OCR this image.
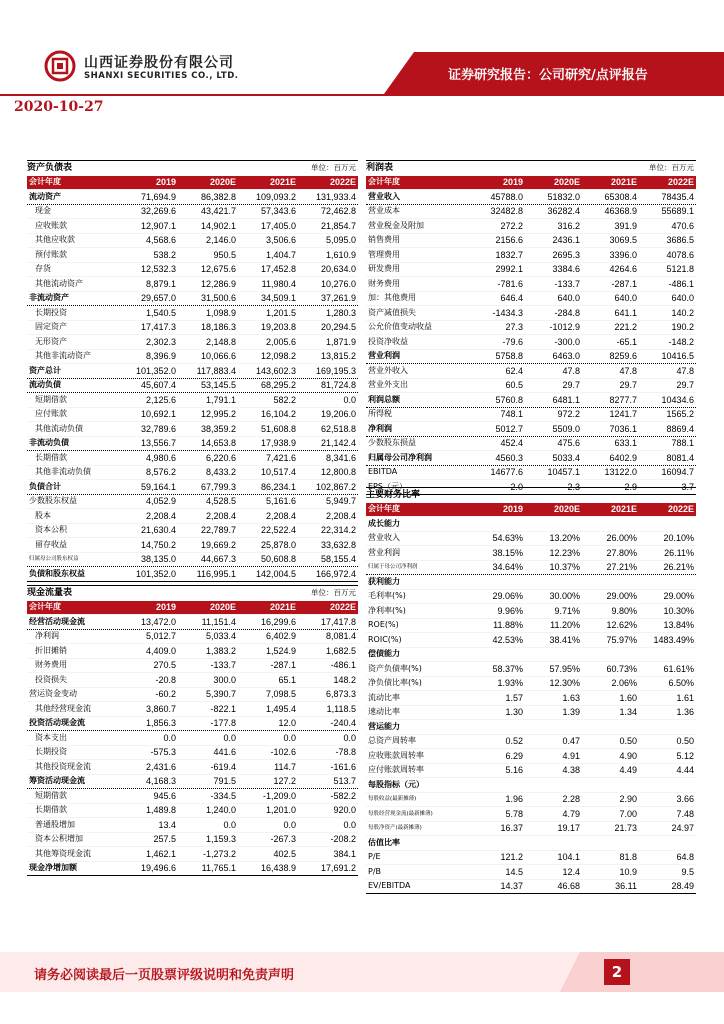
山西证券股份有限公司
SHANXI SECURITIES CO., LTD.	证券研究报告：公司研究/点评报告
2020-10-27
资产负债表	单位：百万元
会计年度	2019	2020E	2021E	2022E
流动资产	71,694.9	86,382.8	109,093.2	131,933.4
现金	32,269.6	43,421.7	57,343.6	72,462.8
应收账款	12,907.1	14,902.1	17,405.0	21,854.7
其他应收款	4,568.6	2,146.0	3,506.6	5,095.0
预付账款	538.2	950.5	1,404.7	1,610.9
存货	12,532.3	12,675.6	17,452.8	20,634.0
其他流动资产	8,879.1	12,286.9	11,980.4	10,276.0
非流动资产	29,657.0	31,500.6	34,509.1	37,261.9
长期投资	1,540.5	1,098.9	1,201.5	1,280.3
固定资产	17,417.3	18,186.3	19,203.8	20,294.5
无形资产	2,302.3	2,148.8	2,005.6	1,871.9
其他非流动资产	8,396.9	10,066.6	12,098.2	13,815.2
资产总计	101,352.0	117,883.4	143,602.3	169,195.3
流动负债	45,607.4	53,145.5	68,295.2	81,724.8
短期借款	2,125.6	1,791.1	582.2	0.0
应付账款	10,692.1	12,995.2	16,104.2	19,206.0
其他流动负债	32,789.6	38,359.2	51,608.8	62,518.8
非流动负债	13,556.7	14,653.8	17,938.9	21,142.4
长期借款	4,980.6	6,220.6	7,421.6	8,341.6
其他非流动负债	8,576.2	8,433.2	10,517.4	12,800.8
负债合计	59,164.1	67,799.3	86,234.1	102,867.2
少数股东权益	4,052.9	4,528.5	5,161.6	5,949.7
股本	2,208.4	2,208.4	2,208.4	2,208.4
资本公积	21,630.4	22,789.7	22,522.4	22,314.2
留存收益	14,750.2	19,669.2	25,878.0	33,632.8
归属母公司股东权益	38,135.0	44,667.3	50,608.8	58,155.4
负债和股东权益	101,352.0	116,995.1	142,004.5	166,972.4
现金流量表	单位：百万元
会计年度	2019	2020E	2021E	2022E
经营活动现金流	13,472.0	11,151.4	16,299.6	17,417.8
净利润	5,012.7	5,033.4	6,402.9	8,081.4
折旧摊销	4,409.0	1,383.2	1,524.9	1,682.5
财务费用	270.5	-133.7	-287.1	-486.1
投资损失	-20.8	300.0	65.1	148.2
营运资金变动	-60.2	5,390.7	7,098.5	6,873.3
其他经营现金流	3,860.7	-822.1	1,495.4	1,118.5
投资活动现金流	1,856.3	-177.8	12.0	-240.4
资本支出	0.0	0.0	0.0	0.0
长期投资	-575.3	441.6	-102.6	-78.8
其他投资现金流	2,431.6	-619.4	114.7	-161.6
筹资活动现金流	4,168.3	791.5	127.2	513.7
短期借款	945.6	-334.5	-1,209.0	-582.2
长期借款	1,489.8	1,240.0	1,201.0	920.0
普通股增加	13.4	0.0	0.0	0.0
资本公积增加	257.5	1,159.3	-267.3	-208.2
其他筹资现金流	1,462.1	-1,273.2	402.5	384.1
现金净增加额	19,496.6	11,765.1	16,438.9	17,691.2
利润表	单位：百万元
会计年度	2019	2020E	2021E	2022E
营业收入	45788.0	51832.0	65308.4	78435.4
营业成本	32482.8	36282.4	46368.9	55689.1
营业税金及附加	272.2	316.2	391.9	470.6
销售费用	2156.6	2436.1	3069.5	3686.5
管理费用	1832.7	2695.3	3396.0	4078.6
研发费用	2992.1	3384.6	4264.6	5121.8
财务费用	-781.6	-133.7	-287.1	-486.1
加：其他费用	646.4	640.0	640.0	640.0
资产减值损失	-1434.3	-284.8	641.1	140.2
公允价值变动收益	27.3	-1012.9	221.2	190.2
投资净收益	-79.6	-300.0	-65.1	-148.2
营业利润	5758.8	6463.0	8259.6	10416.5
营业外收入	62.4	47.8	47.8	47.8
营业外支出	60.5	29.7	29.7	29.7
利润总额	5760.8	6481.1	8277.7	10434.6
所得税	748.1	972.2	1241.7	1565.2
净利润	5012.7	5509.0	7036.1	8869.4
少数股东损益	452.4	475.6	633.1	788.1
归属母公司净利润	4560.3	5033.4	6402.9	8081.4
EBITDA	14677.6	10457.1	13122.0	16094.7
EPS（元）	2.0	2.3	2.9	3.7
主要财务比率
会计年度	2019	2020E	2021E	2022E
成长能力
营业收入	54.63%	13.20%	26.00%	20.10%
营业利润	38.15%	12.23%	27.80%	26.11%
归属于母公司净利润	34.64%	10.37%	27.21%	26.21%
获利能力
毛利率(%)	29.06%	30.00%	29.00%	29.00%
净利率(%)	9.96%	9.71%	9.80%	10.30%
ROE(%)	11.88%	11.20%	12.62%	13.84%
ROIC(%)	42.53%	38.41%	75.97%	1483.49%
偿债能力
资产负债率(%)	58.37%	57.95%	60.73%	61.61%
净负债比率(%)	1.93%	12.30%	2.06%	6.50%
流动比率	1.57	1.63	1.60	1.61
速动比率	1.30	1.39	1.34	1.36
营运能力
总资产周转率	0.52	0.47	0.50	0.50
应收账款周转率	6.29	4.91	4.90	5.12
应付账款周转率	5.16	4.38	4.49	4.44
每股指标（元）
每股收益(最新摊薄)	1.96	2.28	2.90	3.66
每股经营现金流(最新摊薄)	5.78	4.79	7.00	7.48
每股净资产(最新摊薄)	16.37	19.17	21.73	24.97
估值比率
P/E	121.2	104.1	81.8	64.8
P/B	14.5	12.4	10.9	9.5
EV/EBITDA	14.37	46.68	36.11	28.49
请务必阅读最后一页股票评级说明和免责声明	2
